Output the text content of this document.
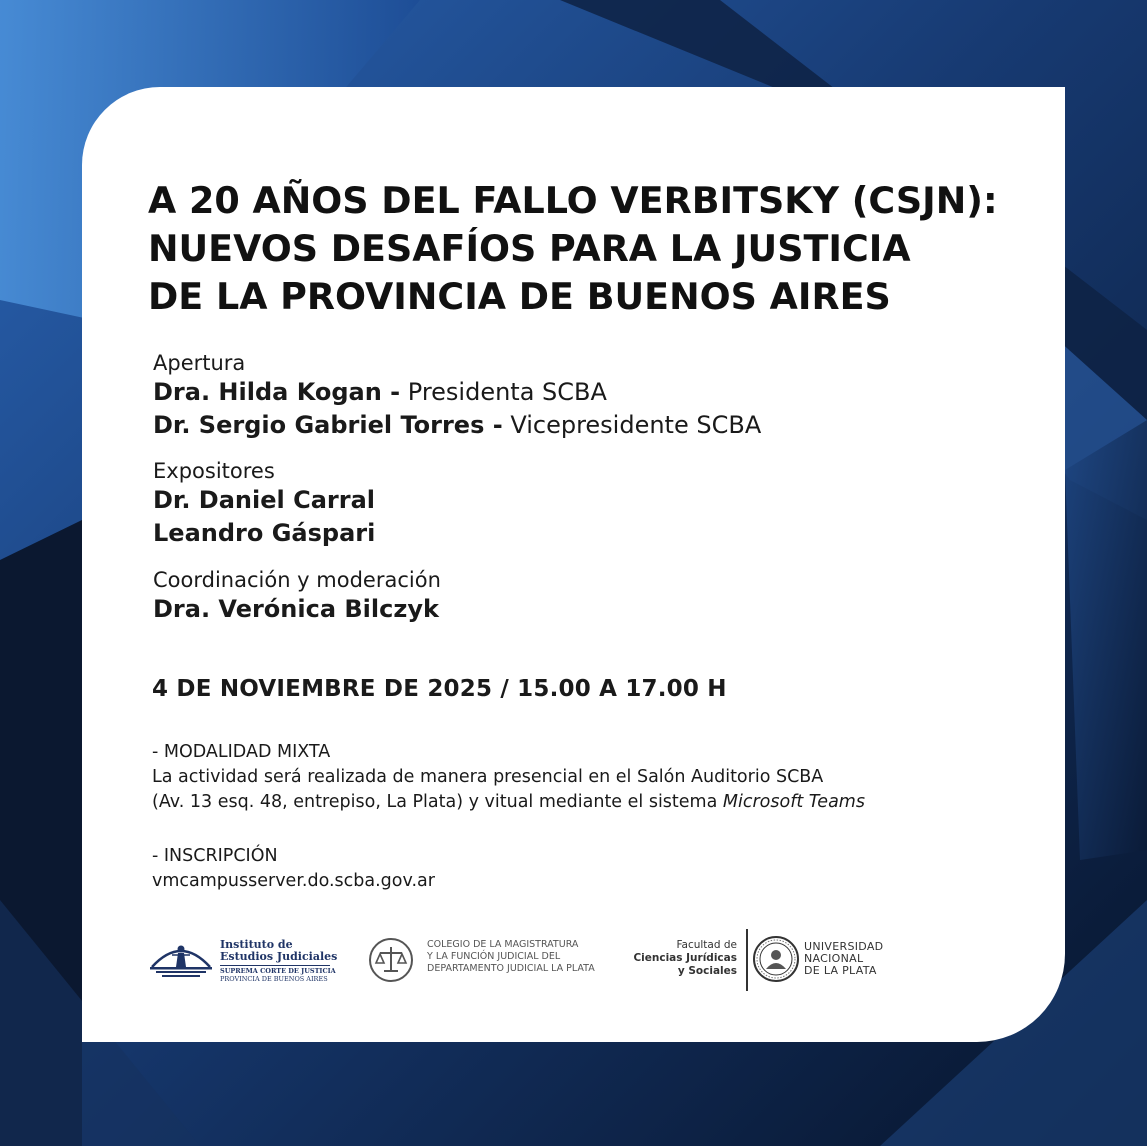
A 20 AÑOS DEL FALLO VERBITSKY (CSJN):
NUEVOS DESAFÍOS PARA LA JUSTICIA
DE LA PROVINCIA DE BUENOS AIRES
Apertura
Dra. Hilda Kogan - Presidenta SCBA
Dr. Sergio Gabriel Torres - Vicepresidente SCBA
Expositores
Dr. Daniel Carral
Leandro Gáspari
Coordinación y moderación
Dra. Verónica Bilczyk
4 DE NOVIEMBRE DE 2025 / 15.00 A 17.00 H
- MODALIDAD MIXTA
La actividad será realizada de manera presencial en el Salón Auditorio SCBA
(Av. 13 esq. 48, entrepiso, La Plata) y vitual mediante el sistema Microsoft Teams
- INSCRIPCIÓN
vmcampusserver.do.scba.gov.ar
Instituto de
Estudios Judiciales
SUPREMA CORTE DE JUSTICIA
PROVINCIA DE BUENOS AIRES
COLEGIO DE LA MAGISTRATURA
Y LA FUNCIÓN JUDICIAL DEL
DEPARTAMENTO JUDICIAL LA PLATA
Facultad de
Ciencias Jurídicas
y Sociales
UNIVERSIDAD
NACIONAL
DE LA PLATA
